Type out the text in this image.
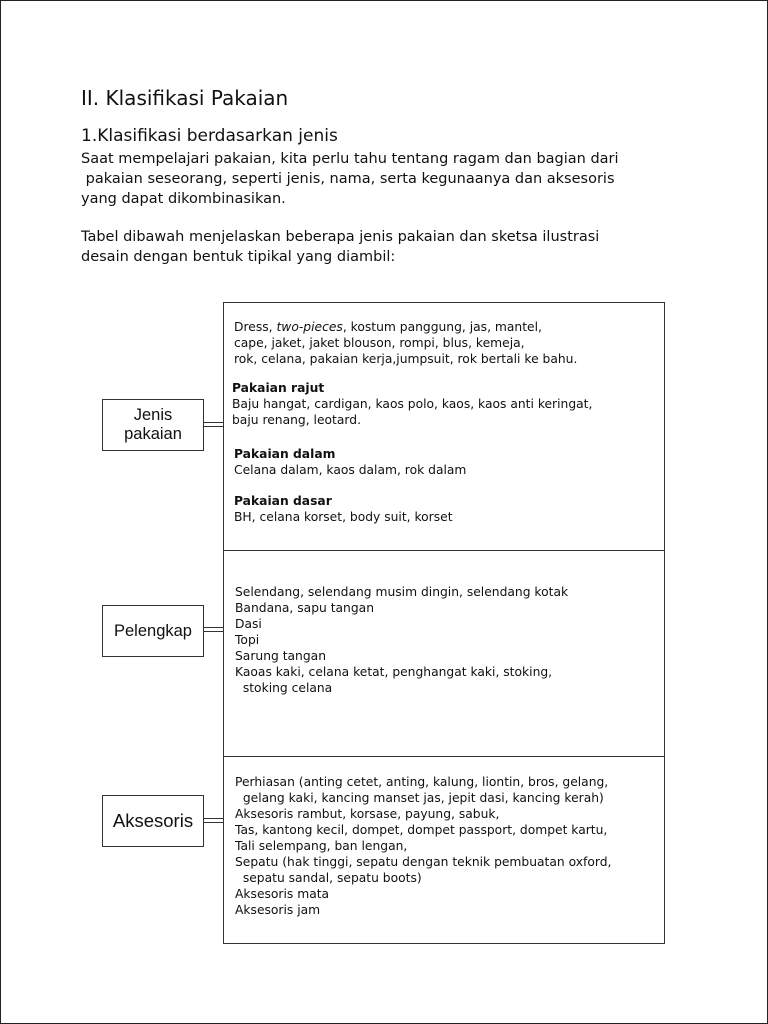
II. Klasifikasi Pakaian
1.Klasifikasi berdasarkan jenis
Saat mempelajari pakaian, kita perlu tahu tentang ragam dan bagian dari
pakaian seseorang, seperti jenis, nama, serta kegunaanya dan aksesoris
yang dapat dikombinasikan.
Tabel dibawah menjelaskan beberapa jenis pakaian dan sketsa ilustrasi
desain dengan bentuk tipikal yang diambil:
Dress, two-pieces, kostum panggung, jas, mantel,
cape, jaket, jaket blouson, rompi, blus, kemeja,
rok, celana, pakaian kerja,jumpsuit, rok bertali ke bahu.
Pakaian rajut
Baju hangat, cardigan, kaos polo, kaos, kaos anti keringat,
baju renang, leotard.
Pakaian dalam
Celana dalam, kaos dalam, rok dalam
Pakaian dasar
BH, celana korset, body suit, korset
Jenis
pakaian
Selendang, selendang musim dingin, selendang kotak
Bandana, sapu tangan
Dasi
Topi
Sarung tangan
Kaoas kaki, celana ketat, penghangat kaki, stoking,
stoking celana
Pelengkap
Perhiasan (anting cetet, anting, kalung, liontin, bros, gelang,
gelang kaki, kancing manset jas, jepit dasi, kancing kerah)
Aksesoris rambut, korsase, payung, sabuk,
Tas, kantong kecil, dompet, dompet passport, dompet kartu,
Tali selempang, ban lengan,
Sepatu (hak tinggi, sepatu dengan teknik pembuatan oxford,
sepatu sandal, sepatu boots)
Aksesoris mata
Aksesoris jam
Aksesoris
